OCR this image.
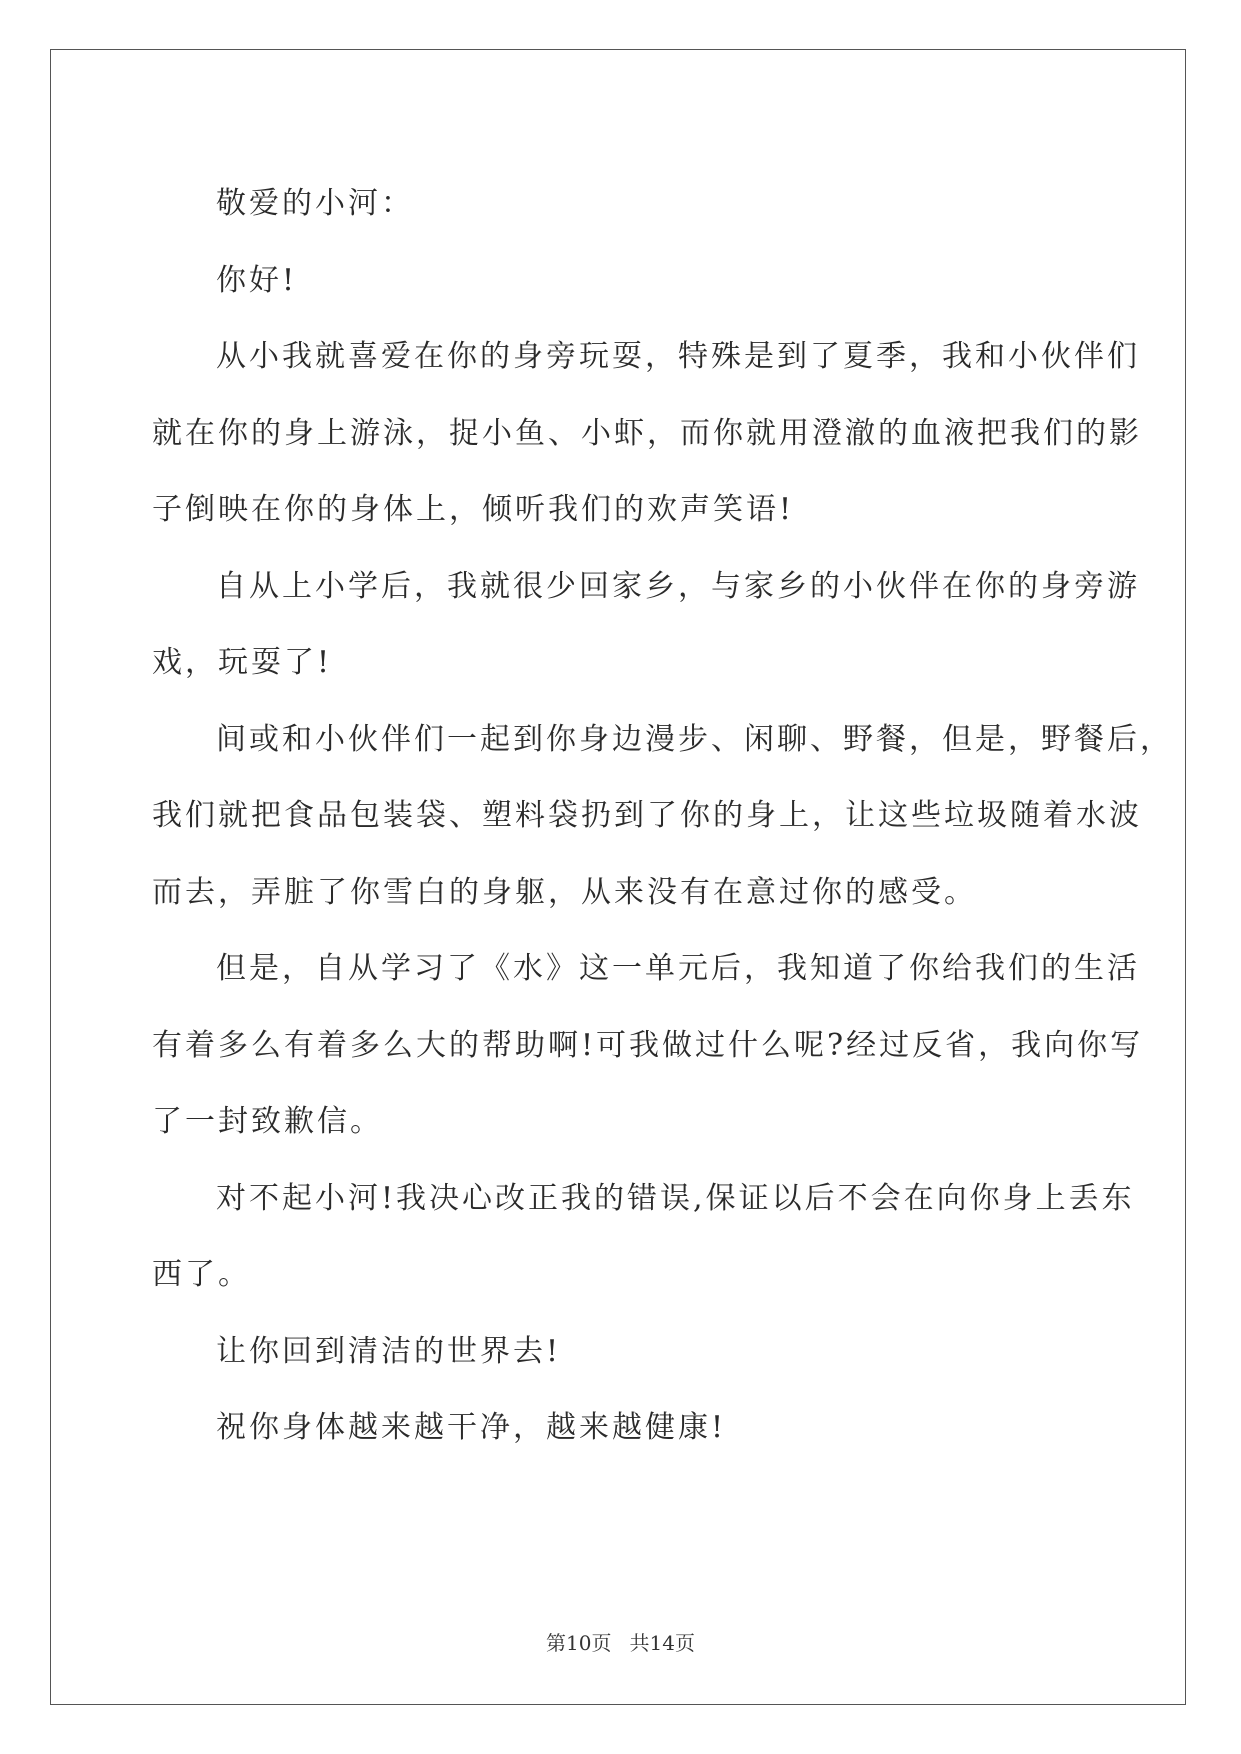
敬爱的小河：
你好!
从小我就喜爱在你的身旁玩耍，特殊是到了夏季，我和小伙伴们
就在你的身上游泳，捉小鱼、小虾，而你就用澄澈的血液把我们的影
子倒映在你的身体上，倾听我们的欢声笑语!
自从上小学后，我就很少回家乡，与家乡的小伙伴在你的身旁游
戏，玩耍了!
间或和小伙伴们一起到你身边漫步、闲聊、野餐，但是，野餐后，
我们就把食品包装袋、塑料袋扔到了你的身上，让这些垃圾随着水波
而去，弄脏了你雪白的身躯，从来没有在意过你的感受。
但是，自从学习了《水》这一单元后，我知道了你给我们的生活
有着多么有着多么大的帮助啊!可我做过什么呢?经过反省，我向你写
了一封致歉信。
对不起小河!我决心改正我的错误,保证以后不会在向你身上丢东
西了。
让你回到清洁的世界去!
祝你身体越来越干净，越来越健康!
第10页 共14页
